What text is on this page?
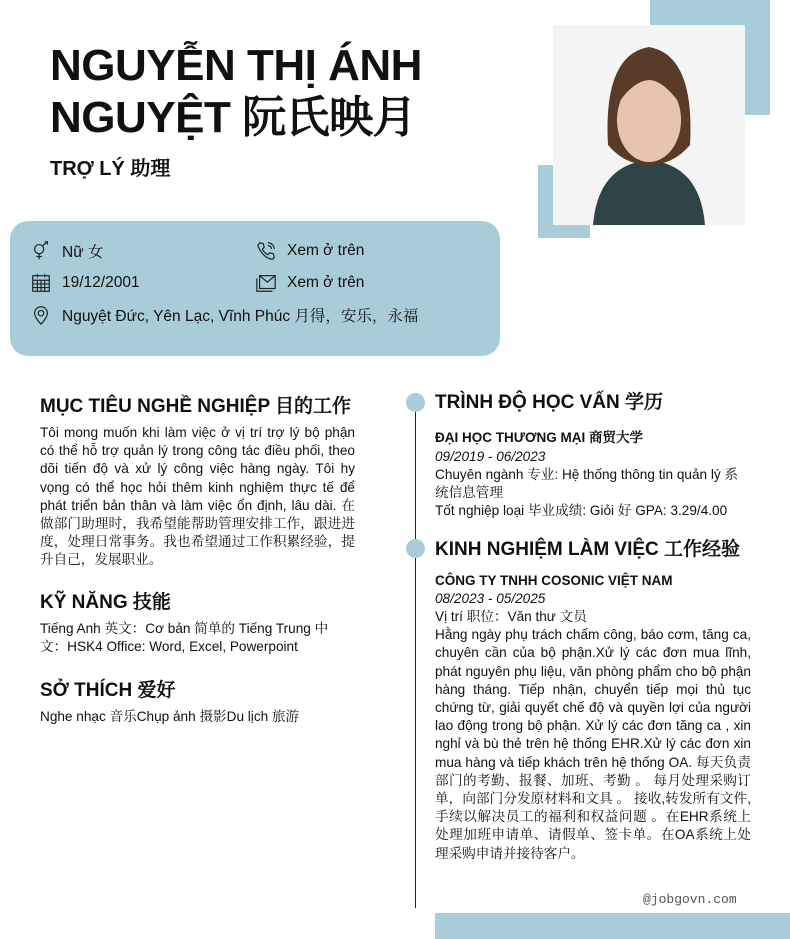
NGUYỄN THỊ ÁNH NGUYỆT 阮氏映月
TRỢ LÝ 助理
Nữ 女
19/12/2001
Nguyệt Đức, Yên Lạc, Vĩnh Phúc 月得，安乐，永福
Xem ở trên
Xem ở trên
MỤC TIÊU NGHỀ NGHIỆP 目的工作

Tôi mong muốn khi làm việc ở vị trí trợ lý bộ phận có thể hỗ trợ quản lý trong công tác điều phối, theo dõi tiến độ và xử lý công việc hàng ngày. Tôi hy vọng có thể học hỏi thêm kinh nghiệm thực tế để phát triển bản thân và làm việc ổn định, lâu dài. 在做部门助理时，我希望能帮助管理安排工作，跟进进度，处理日常事务。我也希望通过工作积累经验，提升自己，发展职业。

KỸ NĂNG 技能

Tiếng Anh 英文：Cơ bản 简单的 Tiếng Trung 中文：HSK4 Office: Word, Excel, Powerpoint

SỞ THÍCH 爱好

Nghe nhạc 音乐Chụp ảnh 摄影Du lịch 旅游

TRÌNH ĐỘ HỌC VẤN 学历
ĐẠI HỌC THƯƠNG MẠI 商贸大学
09/2019 - 06/2023

Chuyên ngành 专业: Hệ thống thông tin quản lý 系统信息管理

Tốt nghiệp loại 毕业成绩: Giỏi 好 GPA: 3.29/4.00

KINH NGHIỆM LÀM VIỆC 工作经验
CÔNG TY TNHH COSONIC VIỆT NAM
08/2023 - 05/2025

Vị trí 职位：Văn thư 文员

Hằng ngày phụ trách chấm công, báo cơm, tăng ca, chuyên cần của bộ phận.Xử lý các đơn mua lĩnh, phát nguyên phụ liệu, văn phòng phẩm cho bộ phận hàng tháng. Tiếp nhận, chuyển tiếp mọi thủ tục chứng từ, giải quyết chế độ và quyền lợi của người lao động trong bộ phận. Xử lý các đơn tăng ca , xin nghỉ và bù thẻ trên hệ thống EHR.Xử lý các đơn xin mua hàng và tiếp khách trên hệ thống OA. 每天负责部门的考勤、报餐、加班、考勤 。 每月处理采购订单，向部门分发原材料和文具 。 接收,转发所有文件,手续以解决员工的福利和权益问题 。在EHR系统上处理加班申请单、请假单、签卡单。在OA系统上处理采购申请并接待客户。

@jobgovn.com
